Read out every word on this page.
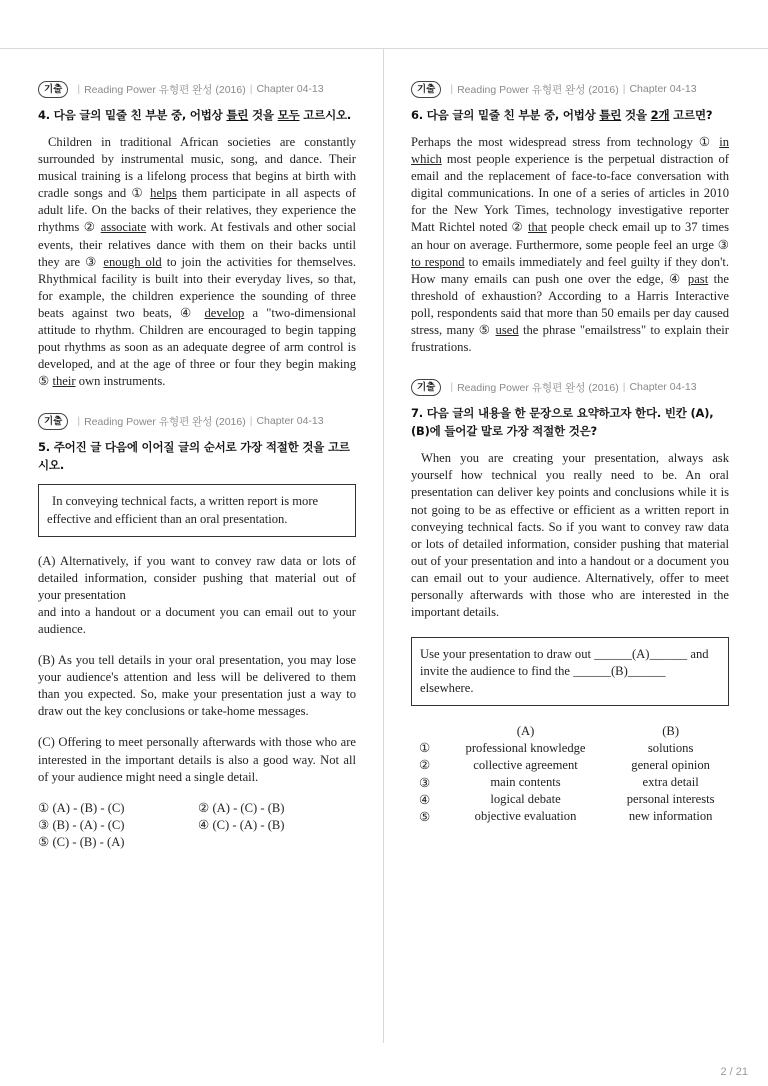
기출	| Reading Power 유형편 완성 (2016) | Chapter 04-13
4. 다음 글의 밑줄 친 부분 중, 어법상 틀린 것을 모두 고르시오.

Children in traditional African societies are constantly surrounded by instrumental music, song, and dance. Their musical training is a lifelong process that begins at birth with cradle songs and ① helps them participate in all aspects of adult life. On the backs of their relatives, they experience the rhythms ② associate with work. At festivals and other social events, their relatives dance with them on their backs until they are ③ enough old to join the activities for themselves. Rhythmical facility is built into their everyday lives, so that, for example, the children experience the sounding of three beats against two beats, ④ develop a "two-dimensional attitude to rhythm. Children are encouraged to begin tapping pout rhythms as soon as an adequate degree of arm control is developed, and at the age of three or four they begin making ⑤ their own instruments.

기출	| Reading Power 유형편 완성 (2016) | Chapter 04-13
5. 주어진 글 다음에 이어질 글의 순서로 가장 적절한 것을 고르시오.
In conveying technical facts, a written report is more effective and efficient than an oral presentation.
(A) Alternatively, if you want to convey raw data or lots of detailed information, consider pushing that material out of your presentation
and into a handout or a document you can email out to your audience.
(B) As you tell details in your oral presentation, you may lose your audience's attention and less will be delivered to them than you expected. So, make your presentation just a way to draw out the key conclusions or take-home messages.
(C) Offering to meet personally afterwards with those who are interested in the important details is also a good way. Not all of your audience might need a single detail.
① (A) - (B) - (C)	② (A) - (C) - (B)
③ (B) - (A) - (C)	④ (C) - (A) - (B)
⑤ (C) - (B) - (A)
기출	| Reading Power 유형편 완성 (2016) | Chapter 04-13
6. 다음 글의 밑줄 친 부분 중, 어법상 틀린 것을 2개 고르면?

Perhaps the most widespread stress from technology ① in which most people experience is the perpetual distraction of email and the replacement of face-to-face conversation with digital communications. In one of a series of articles in 2010 for the New York Times, technology investigative reporter Matt Richtel noted ② that people check email up to 37 times an hour on average. Furthermore, some people feel an urge ③ to respond to emails immediately and feel guilty if they don't. How many emails can push one over the edge, ④ past the threshold of exhaustion? According to a Harris Interactive poll, respondents said that more than 50 emails per day caused stress, many ⑤ used the phrase "emailstress" to explain their frustrations.

기출	| Reading Power 유형편 완성 (2016) | Chapter 04-13
7. 다음 글의 내용을 한 문장으로 요약하고자 한다. 빈칸 (A), (B)에 들어갈 말로 가장 적절한 것은?

When you are creating your presentation, always ask yourself how technical you really need to be. An oral presentation can deliver key points and conclusions while it is not going to be as effective or efficient as a written report in conveying technical facts. So if you want to convey raw data or lots of detailed information, consider pushing that material out of your presentation and into a handout or a document you can email out to your audience. Alternatively, offer to meet personally afterwards with those who are interested in the important details.

Use your presentation to draw out ______(A)______ and
invite the audience to find the ______(B)______
elsewhere.
	(A)	(B)
①	professional knowledge	solutions
②	collective agreement	general opinion
③	main contents	extra detail
④	logical debate	personal interests
⑤	objective evaluation	new information
2 / 21
